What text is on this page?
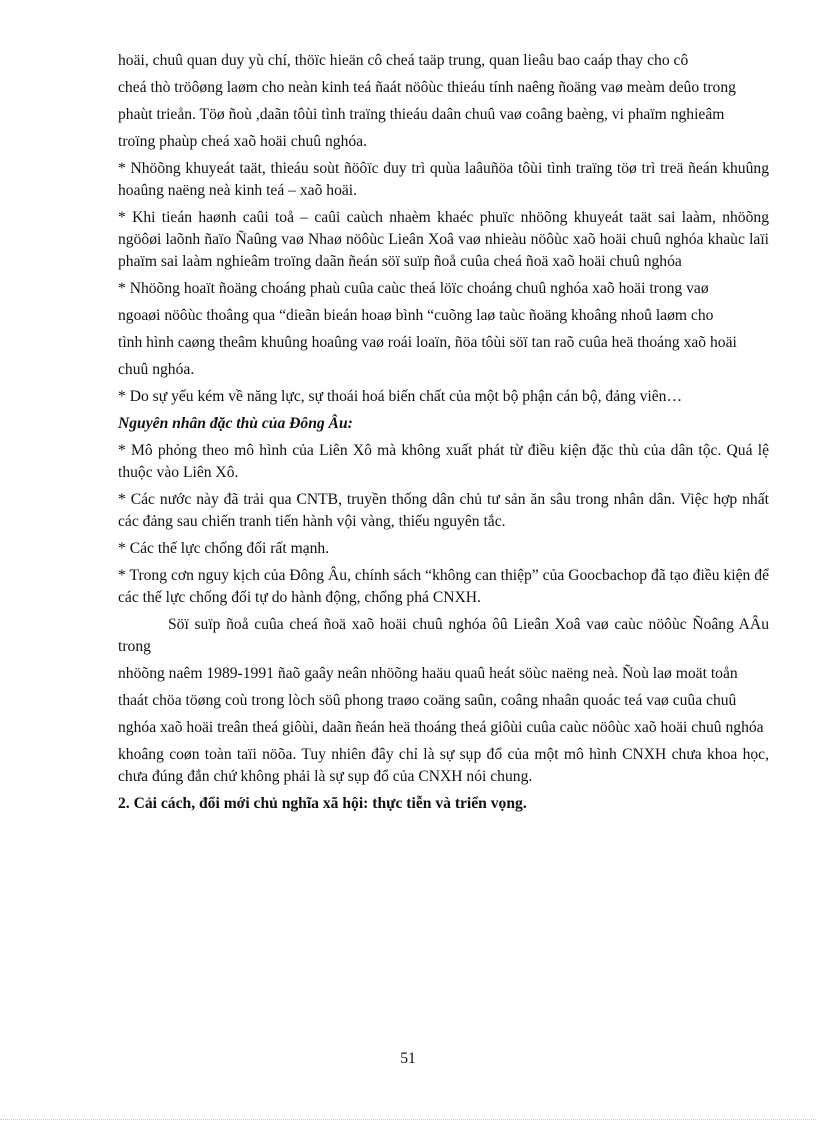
hoäi, chuû quan duy yù chí, thöïc hieän cô cheá taäp trung, quan lieâu bao caáp thay cho cô

cheá thò tröôøng laøm cho neàn kinh teá ñaát nöôùc thieáu tính naêng ñoäng vaø meàm deûo trong

phaùt trieån. Töø ñoù ,daãn tôùi tình traïng thieáu daân chuû vaø coâng baèng, vi phaïm nghieâm

troïng phaùp cheá xaõ hoäi chuû nghóa.

* Nhöõng khuyeát taät, thieáu soùt ñöôïc duy trì quùa laâuñöa tôùi tình traïng töø trì treä ñeán khuûng hoaûng naëng neà kinh teá – xaõ hoäi.

* Khi tieán haønh caûi toå – caûi caùch nhaèm khaéc phuïc nhöõng khuyeát taät sai laàm, nhöõng ngöôøi laõnh ñaïo Ñaûng vaø Nhaø nöôùc Lieân Xoâ vaø nhieàu nöôùc xaõ hoäi chuû nghóa khaùc laïi phaïm sai laàm nghieâm troïng daãn ñeán söï suïp ñoå cuûa cheá ñoä xaõ hoäi chuû nghóa

* Nhöõng hoaït ñoäng choáng phaù cuûa caùc theá löïc choáng chuû nghóa xaõ hoäi trong vaø

ngoaøi nöôùc thoâng qua “dieãn bieán hoaø bình “cuõng laø taùc ñoäng khoâng nhoû laøm cho

tình hình caøng theâm khuûng hoaûng vaø roái loaïn, ñöa tôùi söï tan raõ cuûa heä thoáng xaõ hoäi

chuû nghóa.

* Do sự yếu kém về năng lực, sự thoái hoá biến chất của một bộ phận cán bộ, đảng viên…

Nguyên nhân đặc thù của Đông Âu:

* Mô phỏng theo mô hình của Liên Xô mà không xuất phát từ điều kiện đặc thù của dân tộc. Quá lệ thuộc vào Liên Xô.

* Các nước này đã trải qua CNTB, truyền thống dân chủ tư sản ăn sâu trong nhân dân. Việc hợp nhất các đảng sau chiến tranh tiến hành vội vàng, thiếu nguyên tắc.

* Các thế lực chống đối rất mạnh.

* Trong cơn nguy kịch của Đông Âu, chính sách “không can thiệp” của Goocbachop đã tạo điều kiện để các thế lực chống đối tự do hành động, chống phá CNXH.

Söï suïp ñoå cuûa cheá ñoä xaõ hoäi chuû nghóa ôû Lieân Xoâ vaø caùc nöôùc Ñoâng AÂu trong

nhöõng naêm 1989-1991 ñaõ gaây neân nhöõng haäu quaû heát söùc naëng neà. Ñoù laø moät toån

thaát chöa töøng coù trong lòch söû phong traøo coäng saûn, coâng nhaân quoác teá vaø cuûa chuû

nghóa xaõ hoäi treân theá giôùi, daãn ñeán heä thoáng theá giôùi cuûa caùc nöôùc xaõ hoäi chuû nghóa

khoâng coøn toàn taïi nöõa. Tuy nhiên đây chỉ là sự sụp đổ của một mô hình CNXH chưa khoa học, chưa đúng đắn chứ không phải là sự sụp đổ của CNXH nói chung.

2. Cải cách, đổi mới chủ nghĩa xã hội: thực tiễn và triển vọng.

51
